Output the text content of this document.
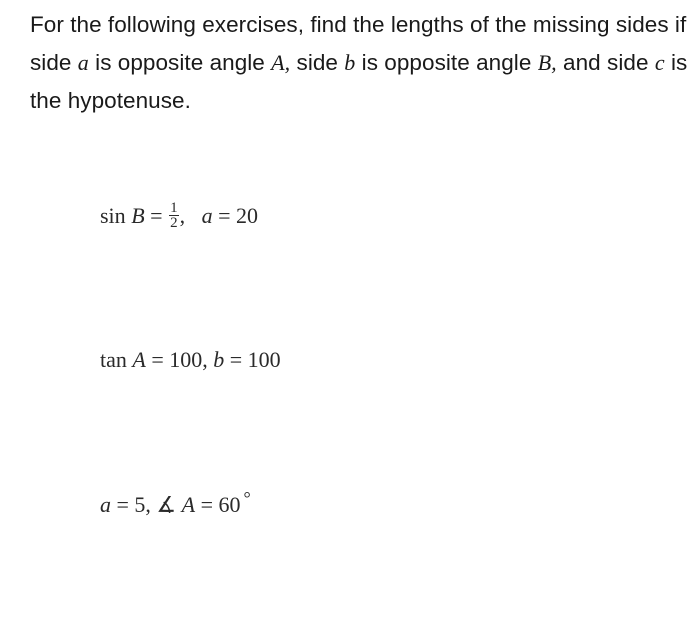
For the following exercises, find the lengths of the missing sides if side a is opposite angle A, side b is opposite angle B, and side c is the hypotenuse.
$\sin B = \frac{1}{2}$ , a = 20
tan A = 100, b = 100
a = 5, ∡ A = 60 °
